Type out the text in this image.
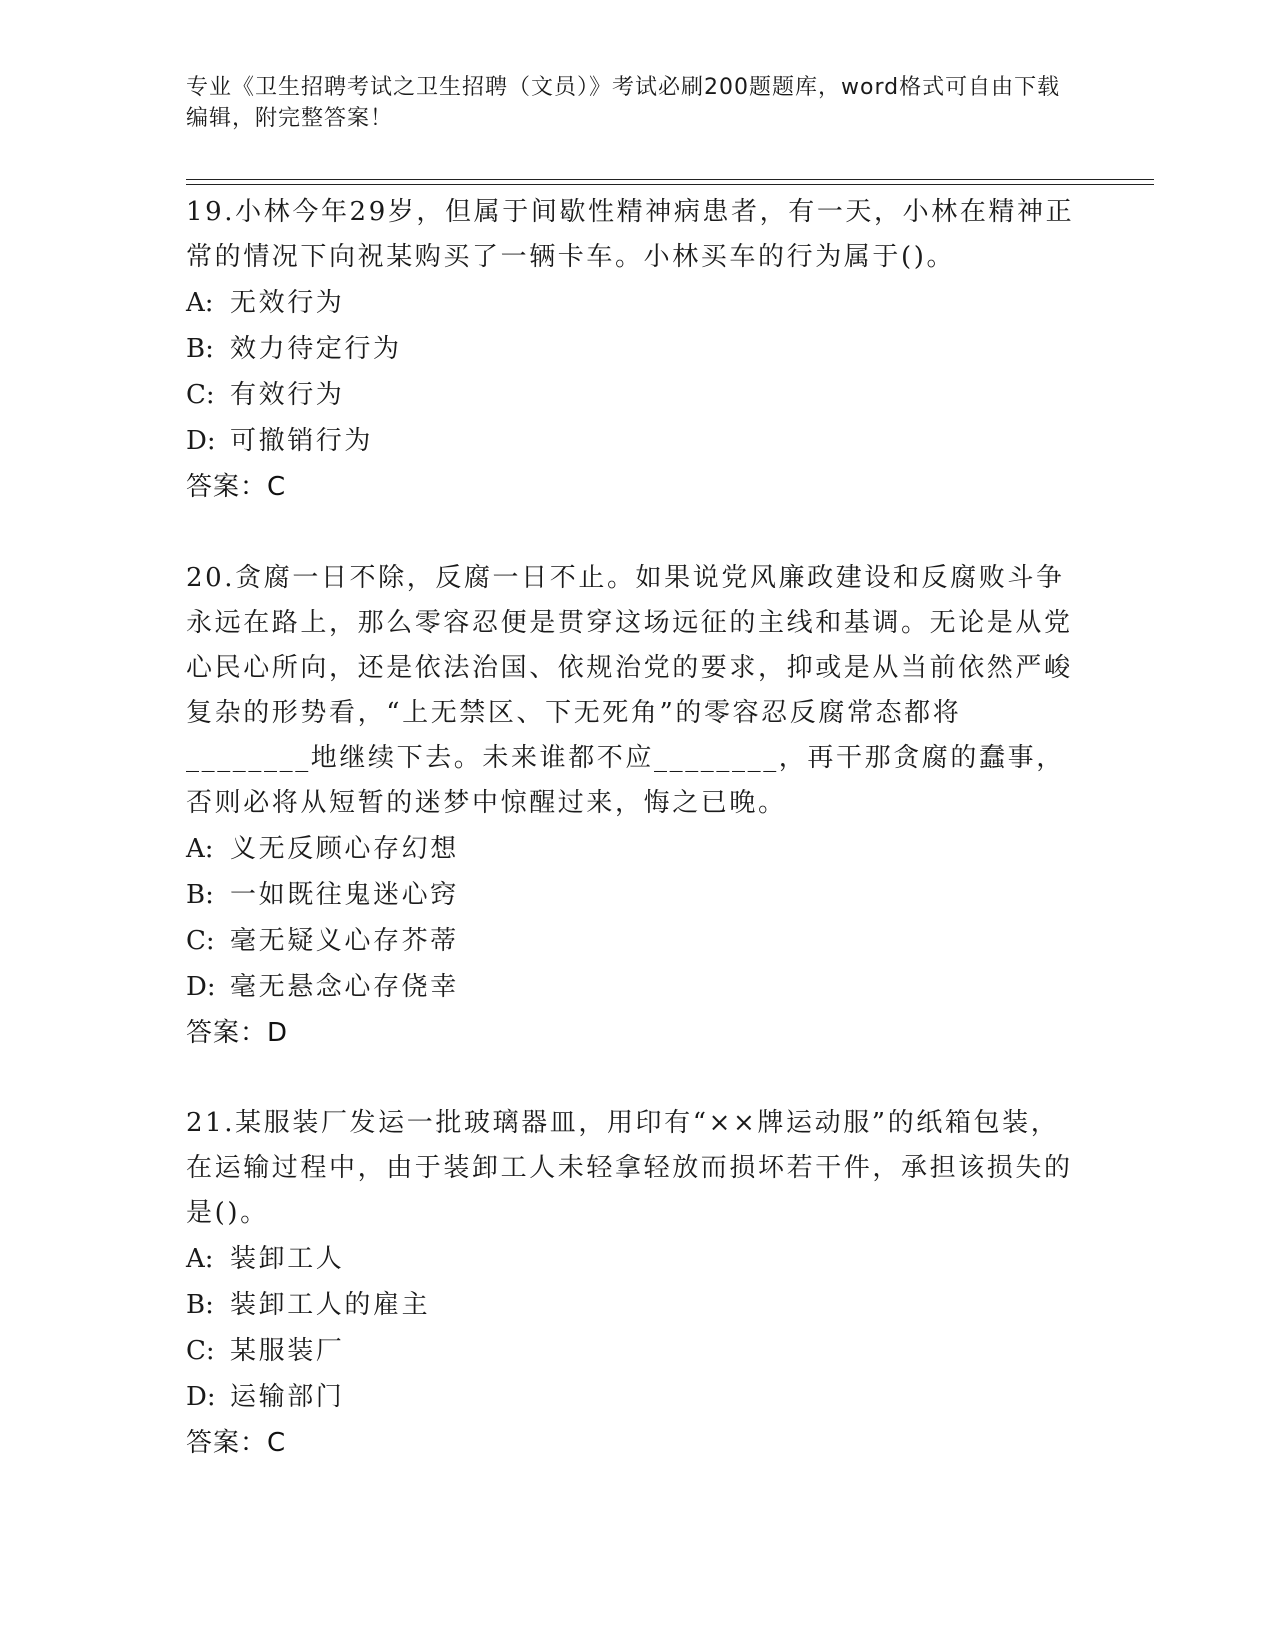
专业《卫生招聘考试之卫生招聘（文员）》考试必刷200题题库，word格式可自由下载编辑，附完整答案！

19.小林今年29岁，但属于间歇性精神病患者，有一天，小林在精神正常的情况下向祝某购买了一辆卡车。小林买车的行为属于()。

A: 无效行为
B: 效力待定行为
C: 有效行为
D: 可撤销行为
答案：C

20.贪腐一日不除，反腐一日不止。如果说党风廉政建设和反腐败斗争永远在路上，那么零容忍便是贯穿这场远征的主线和基调。无论是从党心民心所向，还是依法治国、依规治党的要求，抑或是从当前依然严峻复杂的形势看，“上无禁区、下无死角”的零容忍反腐常态都将________地继续下去。未来谁都不应________，再干那贪腐的蠢事，否则必将从短暂的迷梦中惊醒过来，悔之已晚。

A: 义无反顾心存幻想
B: 一如既往鬼迷心窍
C: 毫无疑义心存芥蒂
D: 毫无悬念心存侥幸
答案：D

21.某服装厂发运一批玻璃器皿，用印有“××牌运动服”的纸箱包装，在运输过程中，由于装卸工人未轻拿轻放而损坏若干件，承担该损失的是()。

A: 装卸工人
B: 装卸工人的雇主
C: 某服装厂
D: 运输部门
答案：C
